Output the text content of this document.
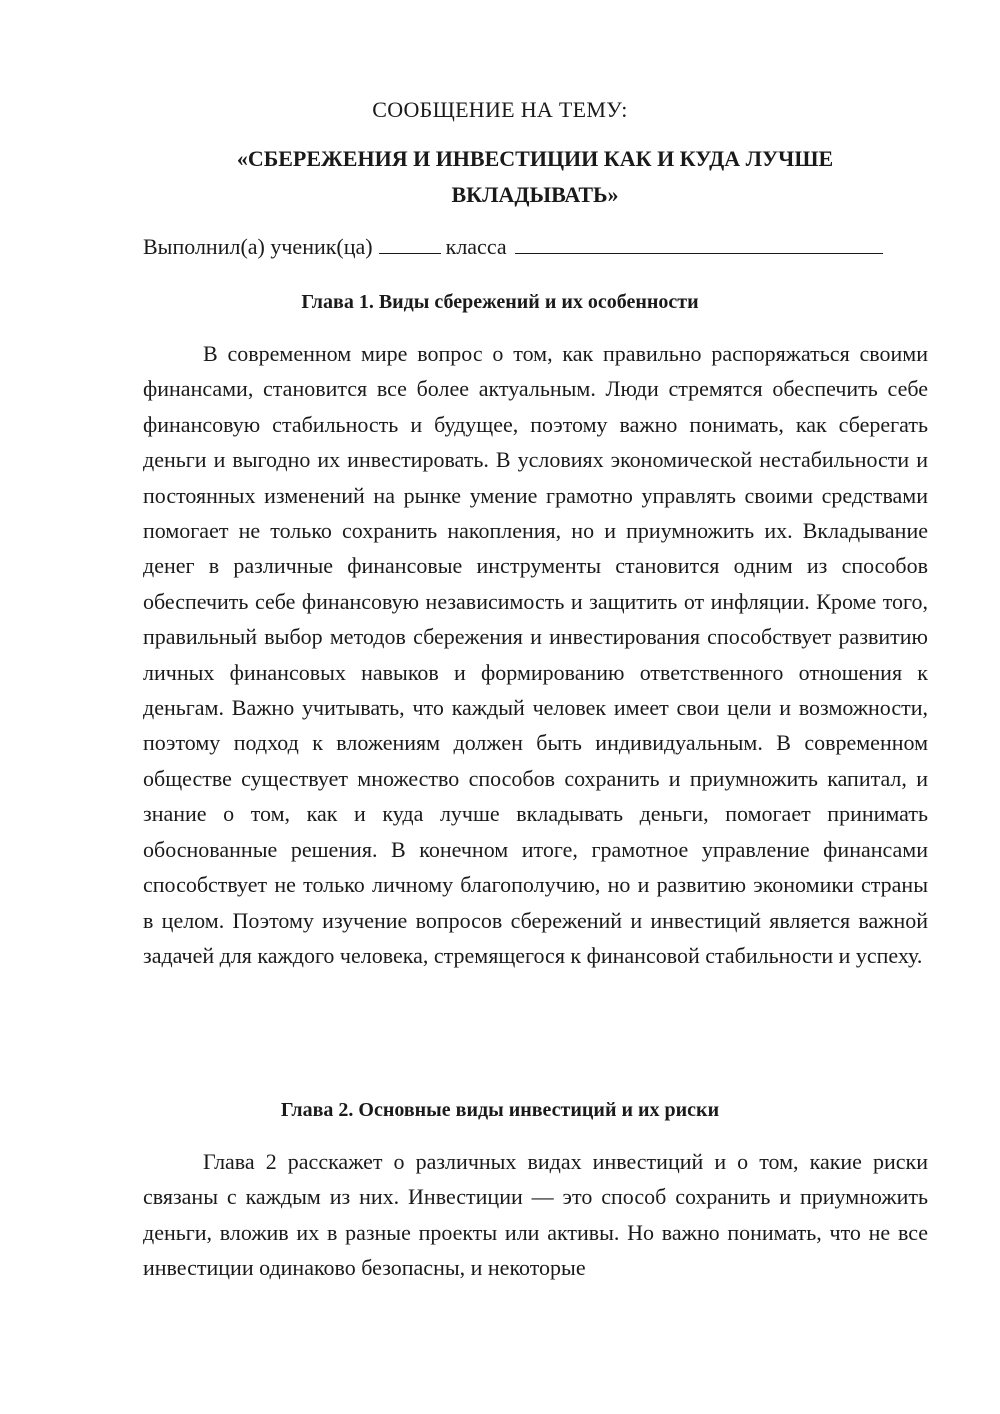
СООБЩЕНИЕ НА ТЕМУ:
«СБЕРЕЖЕНИЯ И ИНВЕСТИЦИИ КАК И КУДА ЛУЧШЕ ВКЛАДЫВАТЬ»
Выполнил(а) ученик(ца)	класса
Глава 1. Виды сбережений и их особенности

В современном мире вопрос о том, как правильно распоряжаться своими финансами, становится все более актуальным. Люди стремятся обеспечить себе финансовую стабильность и будущее, поэтому важно понимать, как сберегать деньги и выгодно их инвестировать. В условиях экономической нестабильности и постоянных изменений на рынке умение грамотно управлять своими средствами помогает не только сохранить накопления, но и приумножить их. Вкладывание денег в различные финансовые инструменты становится одним из способов обеспечить себе финансовую независимость и защитить от инфляции. Кроме того, правильный выбор методов сбережения и инвестирования способствует развитию личных финансовых навыков и формированию ответственного отношения к деньгам. Важно учитывать, что каждый человек имеет свои цели и возможности, поэтому подход к вложениям должен быть индивидуальным. В современном обществе существует множество способов сохранить и приумножить капитал, и знание о том, как и куда лучше вкладывать деньги, помогает принимать обоснованные решения. В конечном итоге, грамотное управление финансами способствует не только личному благополучию, но и развитию экономики страны в целом. Поэтому изучение вопросов сбережений и инвестиций является важной задачей для каждого человека, стремящегося к финансовой стабильности и успеху.

Глава 2. Основные виды инвестиций и их риски

Глава 2 расскажет о различных видах инвестиций и о том, какие риски связаны с каждым из них. Инвестиции — это способ сохранить и приумножить деньги, вложив их в разные проекты или активы. Но важно понимать, что не все инвестиции одинаково безопасны, и некоторые
